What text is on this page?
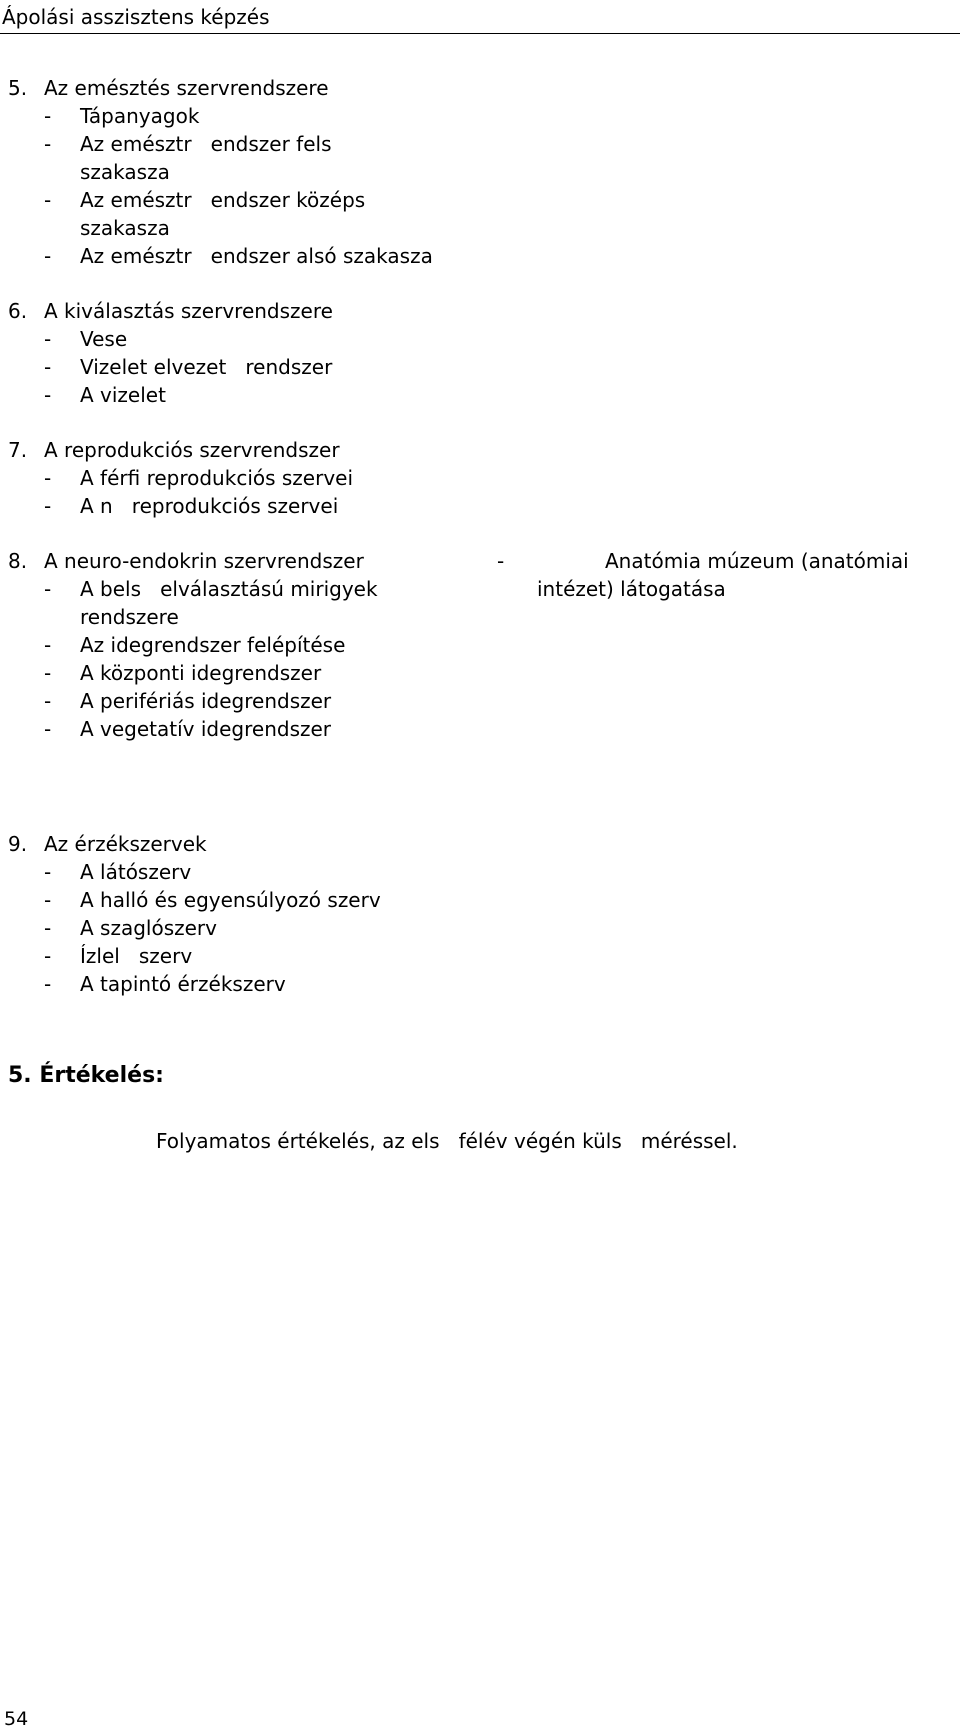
Ápolási asszisztens képzés
5. Az emésztés szervrendszere
- Tápanyagok
- Az emésztr   endszer fels
szakasza
- Az emésztr   endszer középs
szakasza
- Az emésztr   endszer alsó szakasza
6. A kiválasztás szervrendszere
- Vese
- Vizelet elvezet   rendszer
- A vizelet
7. A reprodukciós szervrendszer
- A férfi reprodukciós szervei
- A n   reprodukciós szervei
8. A neuro-endokrin szervrendszer
- A bels   elválasztású mirigyek
rendszere
- Az idegrendszer felépítése
- A központi idegrendszer
- A perifériás idegrendszer
- A vegetatív idegrendszer
-	Anatómia múzeum (anatómiai
intézet) látogatása
9. Az érzékszervek
- A látószerv
- A halló és egyensúlyozó szerv
- A szaglószerv
- Ízlel   szerv
- A tapintó érzékszerv
5. Értékelés:
Folyamatos értékelés, az els   félév végén küls   méréssel.
54
